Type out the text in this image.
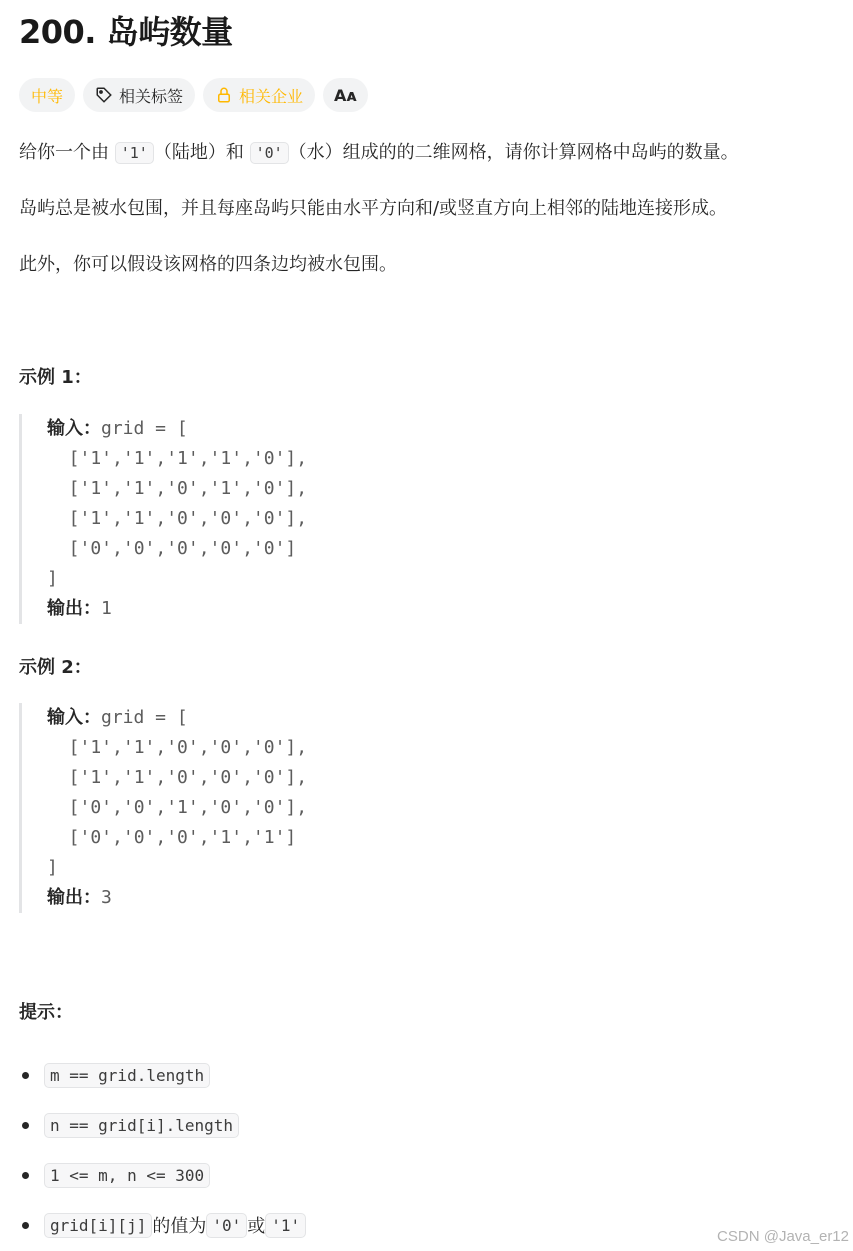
200. 岛屿数量
中等	相关标签	相关企业 Aᴀ

给你一个由 '1' （陆地）和 '0' （水）组成的的二维网格，请你计算网格中岛屿的数量。

岛屿总是被水包围，并且每座岛屿只能由水平方向和/或竖直方向上相邻的陆地连接形成。

此外，你可以假设该网格的四条边均被水包围。

示例 1：
输入：grid = [
['1','1','1','1','0'],
['1','1','0','1','0'],
['1','1','0','0','0'],
['0','0','0','0','0']
]
输出：1
示例 2：
输入：grid = [
['1','1','0','0','0'],
['1','1','0','0','0'],
['0','0','1','0','0'],
['0','0','0','1','1']
]
输出：3
提示：
m == grid.length
n == grid[i].length
1 <= m, n <= 300
grid[i][j] 的值为 '0' 或 '1'
CSDN @Java_er12
